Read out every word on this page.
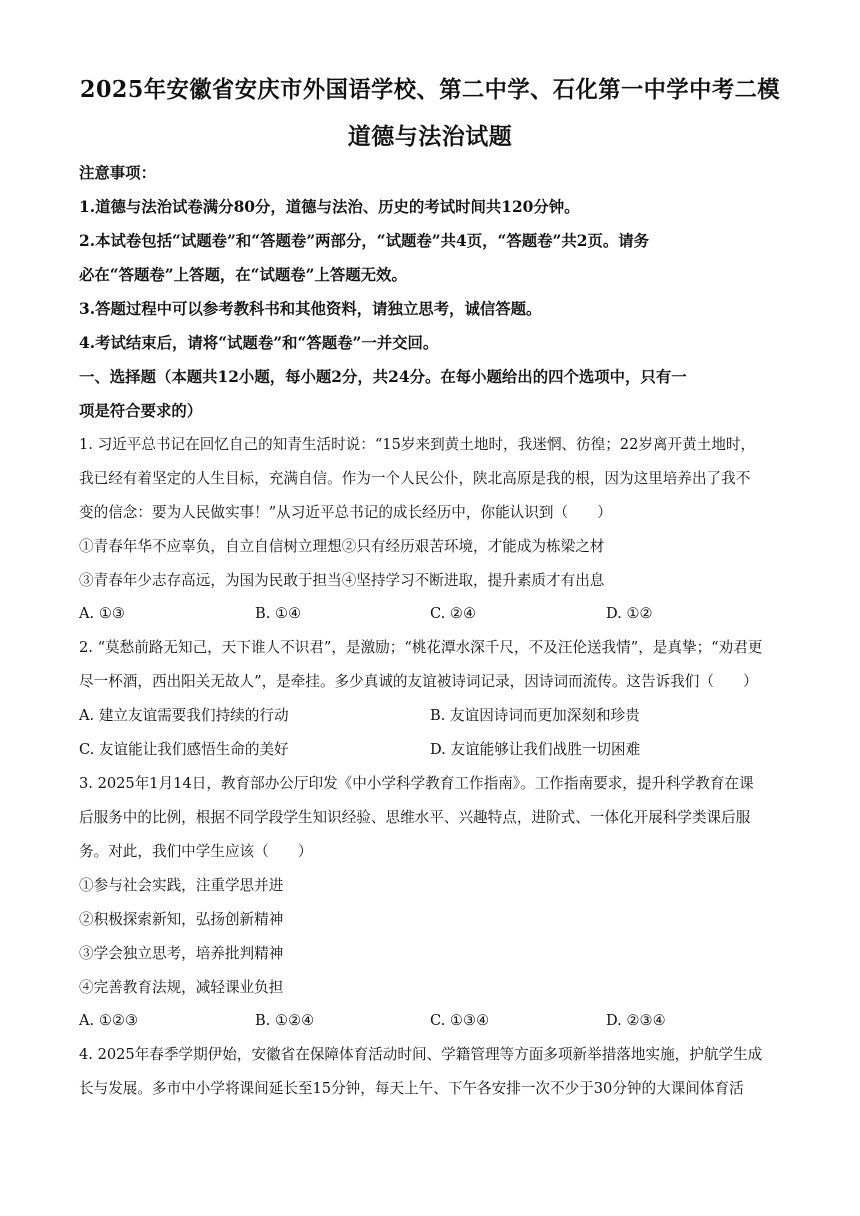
2025年安徽省安庆市外国语学校、第二中学、石化第一中学中考二模
道德与法治试题
注意事项：
1.道德与法治试卷满分80分，道德与法治、历史的考试时间共120分钟。
2.本试卷包括“试题卷”和“答题卷”两部分，“试题卷”共4页，“答题卷”共2页。请务
必在“答题卷”上答题，在“试题卷”上答题无效。
3.答题过程中可以参考教科书和其他资料，请独立思考，诚信答题。
4.考试结束后，请将“试题卷”和“答题卷”一并交回。
一、选择题（本题共12小题，每小题2分，共24分。在每小题给出的四个选项中，只有一
项是符合要求的）
1. 习近平总书记在回忆自己的知青生活时说：“15岁来到黄土地时，我迷惘、彷徨；22岁离开黄土地时，
我已经有着坚定的人生目标，充满自信。作为一个人民公仆，陕北高原是我的根，因为这里培养出了我不
变的信念：要为人民做实事！”从习近平总书记的成长经历中，你能认识到（　　）
①青春年华不应辜负，自立自信树立理想②只有经历艰苦环境，才能成为栋梁之材
③青春年少志存高远，为国为民敢于担当④坚持学习不断进取，提升素质才有出息
A. ①③	B. ①④	C. ②④	D. ①②
2. “莫愁前路无知己，天下谁人不识君”，是激励；“桃花潭水深千尺，不及汪伦送我情”，是真挚；“劝君更
尽一杯酒，西出阳关无故人”，是牵挂。多少真诚的友谊被诗词记录，因诗词而流传。这告诉我们（　　）
A. 建立友谊需要我们持续的行动	B. 友谊因诗词而更加深刻和珍贵
C. 友谊能让我们感悟生命的美好	D. 友谊能够让我们战胜一切困难
3. 2025年1月14日，教育部办公厅印发《中小学科学教育工作指南》。工作指南要求，提升科学教育在课
后服务中的比例，根据不同学段学生知识经验、思维水平、兴趣特点，进阶式、一体化开展科学类课后服
务。对此，我们中学生应该（　　）
①参与社会实践，注重学思并进
②积极探索新知，弘扬创新精神
③学会独立思考，培养批判精神
④完善教育法规，减轻课业负担
A. ①②③	B. ①②④	C. ①③④	D. ②③④
4. 2025年春季学期伊始，安徽省在保障体育活动时间、学籍管理等方面多项新举措落地实施，护航学生成
长与发展。多市中小学将课间延长至15分钟，每天上午、下午各安排一次不少于30分钟的大课间体育活
